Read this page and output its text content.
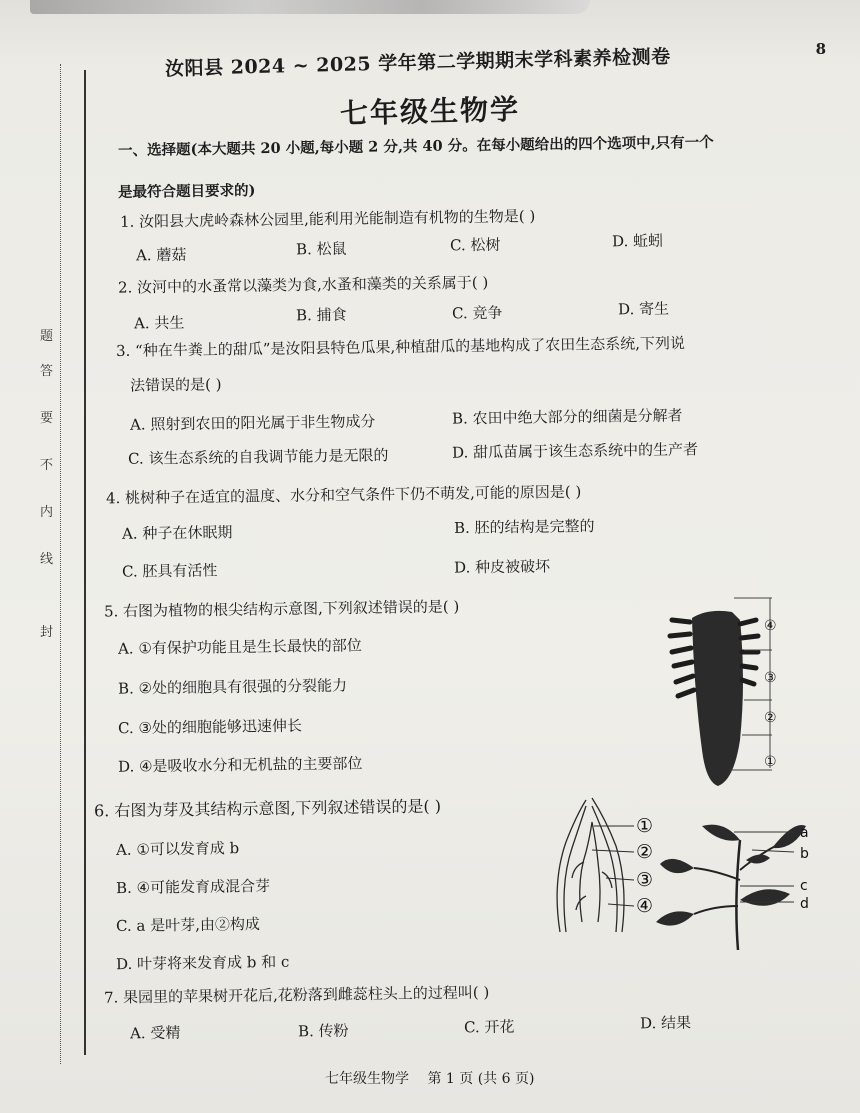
题
答
要
不
内
线
封
8
汝阳县 2024 ~ 2025 学年第二学期期末学科素养检测卷
七年级生物学
一、选择题(本大题共 20 小题,每小题 2 分,共 40 分。在每小题给出的四个选项中,只有一个
是最符合题目要求的)
1. 汝阳县大虎岭森林公园里,能利用光能制造有机物的生物是( )
A. 蘑菇	B. 松鼠	C. 松树	D. 蚯蚓
2. 汝河中的水蚤常以藻类为食,水蚤和藻类的关系属于( )
A. 共生	B. 捕食	C. 竞争	D. 寄生
3. “种在牛粪上的甜瓜”是汝阳县特色瓜果,种植甜瓜的基地构成了农田生态系统,下列说
法错误的是( )
A. 照射到农田的阳光属于非生物成分	B. 农田中绝大部分的细菌是分解者
C. 该生态系统的自我调节能力是无限的	D. 甜瓜苗属于该生态系统中的生产者
4. 桃树种子在适宜的温度、水分和空气条件下仍不萌发,可能的原因是( )
A. 种子在休眠期	B. 胚的结构是完整的
C. 胚具有活性	D. 种皮被破坏
5. 右图为植物的根尖结构示意图,下列叙述错误的是( )
A. ①有保护功能且是生长最快的部位
B. ②处的细胞具有很强的分裂能力
C. ③处的细胞能够迅速伸长
D. ④是吸收水分和无机盐的主要部位
6. 右图为芽及其结构示意图,下列叙述错误的是( )
A. ①可以发育成 b
B. ④可能发育成混合芽
C. a 是叶芽,由②构成
D. 叶芽将来发育成 b 和 c
7. 果园里的苹果树开花后,花粉落到雌蕊柱头上的过程叫( )
A. 受精	B. 传粉	C. 开花	D. 结果
④
③
②
①
①
②
③
④
a
b
c
d
七年级生物学 第 1 页 (共 6 页)
